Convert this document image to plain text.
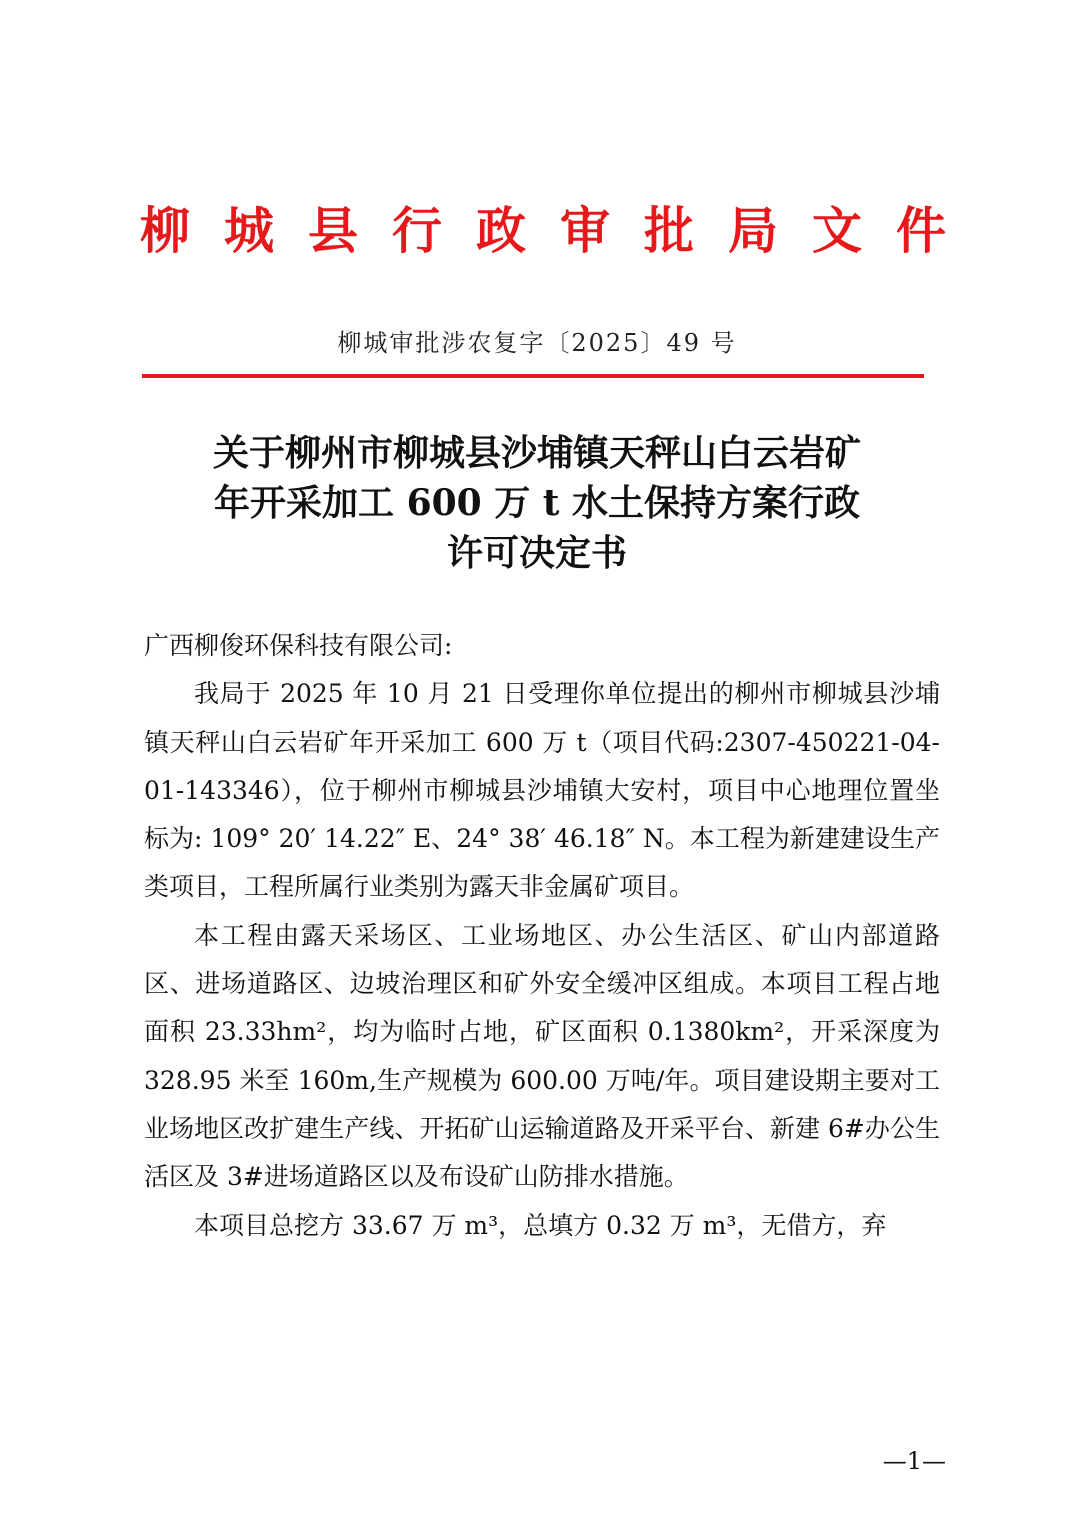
柳 城 县 行 政 审 批 局 文 件
柳城审批涉农复字〔2025〕49 号
关于柳州市柳城县沙埔镇天秤山白云岩矿
年开采加工 600 万 t 水土保持方案行政
许可决定书

广西柳俊环保科技有限公司:

我局于 2025 年 10 月 21 日受理你单位提出的柳州市柳城县沙埔镇天秤山白云岩矿年开采加工 600 万 t（项目代码:2307-450221-04-01-143346），位于柳州市柳城县沙埔镇大安村，项目中心地理位置坐标为: 109° 20′ 14.22″ E、24° 38′ 46.18″ N。本工程为新建建设生产类项目，工程所属行业类别为露天非金属矿项目。

本工程由露天采场区、工业场地区、办公生活区、矿山内部道路区、进场道路区、边坡治理区和矿外安全缓冲区组成。本项目工程占地面积 23.33hm²，均为临时占地，矿区面积 0.1380km²，开采深度为 328.95 米至 160m,生产规模为 600.00 万吨/年。项目建设期主要对工业场地区改扩建生产线、开拓矿山运输道路及开采平台、新建 6#办公生活区及 3#进场道路区以及布设矿山防排水措施。

本项目总挖方 33.67 万 m³，总填方 0.32 万 m³，无借方，弃

—1—
